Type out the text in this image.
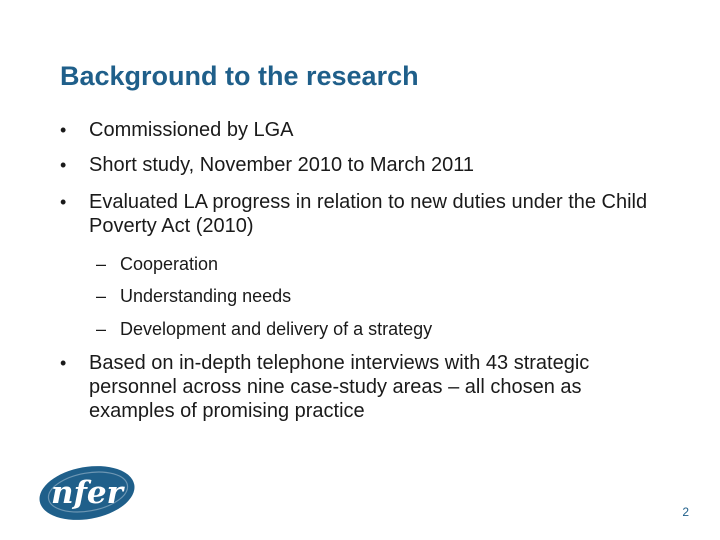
Background to the research
•	Commissioned by LGA
•	Short study, November 2010 to March 2011
•	Evaluated LA progress in relation to new duties under the Child Poverty Act (2010)
– Cooperation
– Understanding needs
– Development and delivery of a strategy
•	Based on in-depth telephone interviews with 43 strategic personnel across nine case-study areas – all chosen as examples of promising practice
nfer
2
